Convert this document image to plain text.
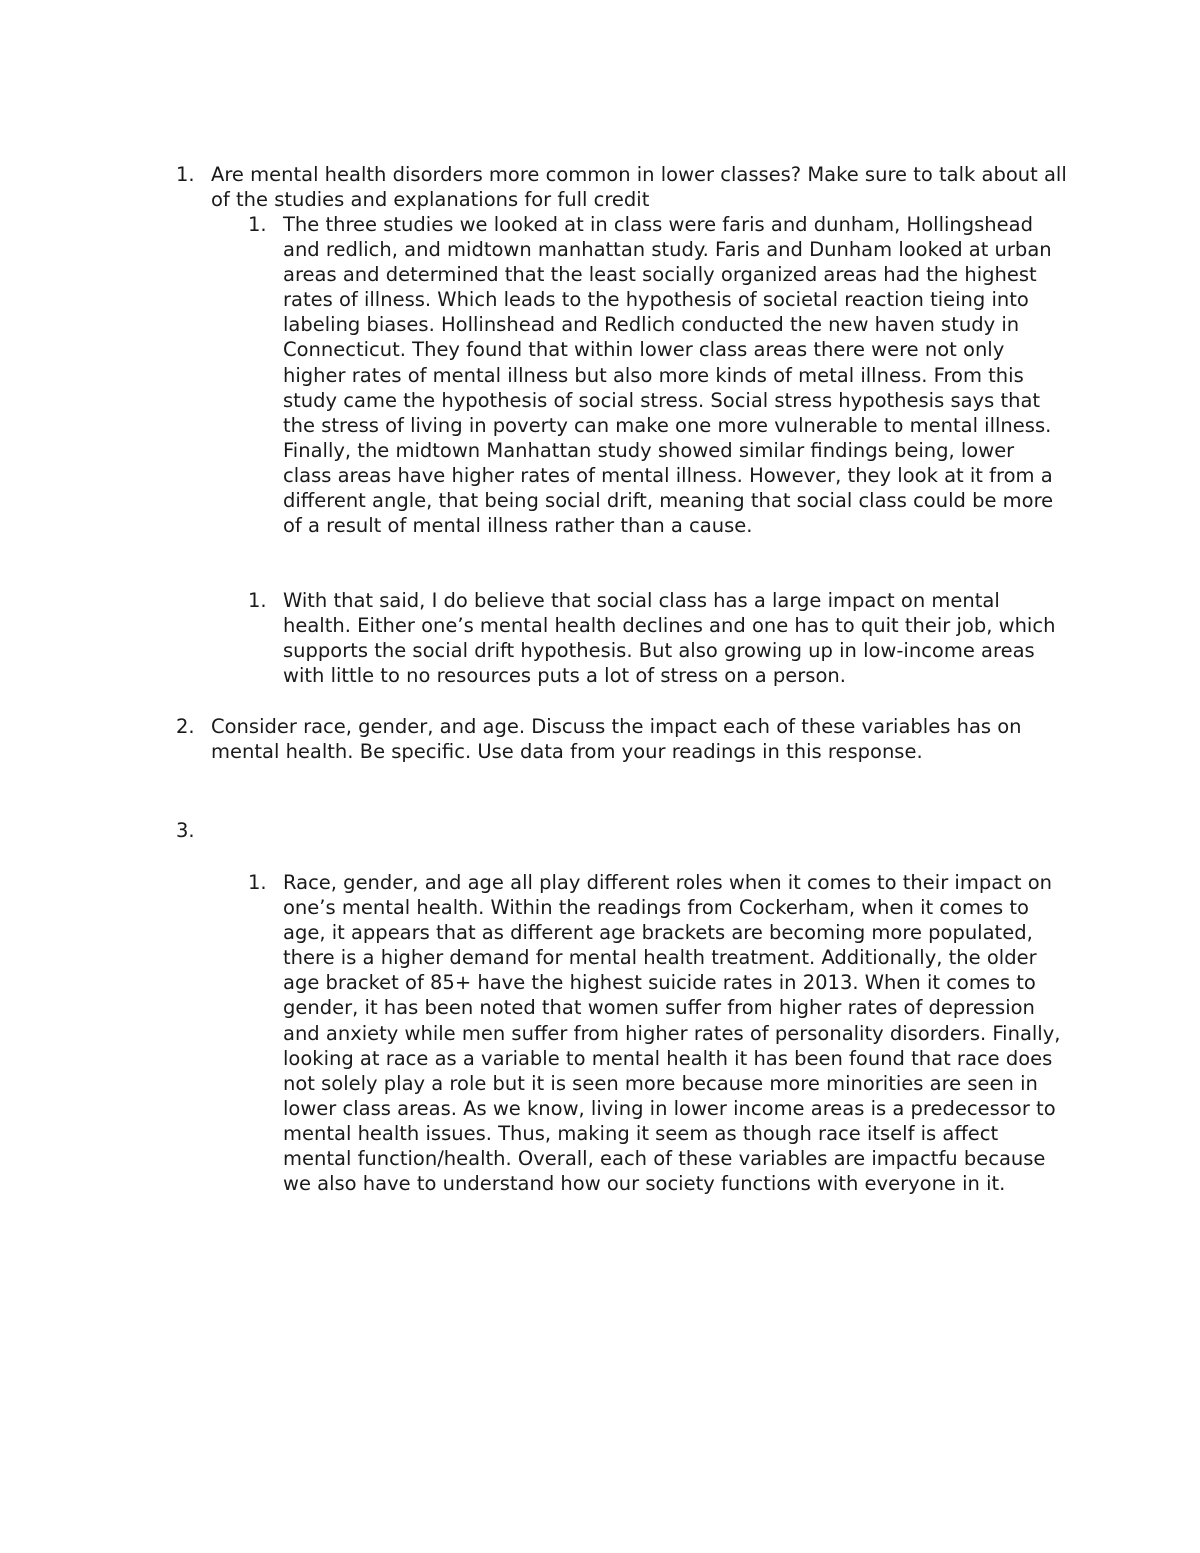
1. Are mental health disorders more common in lower classes? Make sure to talk about all of the studies and explanations for full credit
1. The three studies we looked at in class were faris and dunham, Hollingshead and redlich, and midtown manhattan study. Faris and Dunham looked at urban areas and determined that the least socially organized areas had the highest rates of illness. Which leads to the hypothesis of societal reaction tieing into labeling biases. Hollinshead and Redlich conducted the new haven study in Connecticut. They found that within lower class areas there were not only higher rates of mental illness but also more kinds of metal illness. From this study came the hypothesis of social stress. Social stress hypothesis says that the stress of living in poverty can make one more vulnerable to mental illness. Finally, the midtown Manhattan study showed similar findings being, lower class areas have higher rates of mental illness. However, they look at it from a different angle, that being social drift, meaning that social class could be more of a result of mental illness rather than a cause.
1. With that said, I do believe that social class has a large impact on mental health. Either one’s mental health declines and one has to quit their job, which supports the social drift hypothesis. But also growing up in low-income areas with little to no resources puts a lot of stress on a person.
2. Consider race, gender, and age. Discuss the impact each of these variables has on mental health. Be specific. Use data from your readings in this response.
3.
1. Race, gender, and age all play different roles when it comes to their impact on one’s mental health. Within the readings from Cockerham, when it comes to age, it appears that as different age brackets are becoming more populated, there is a higher demand for mental health treatment. Additionally, the older age bracket of 85+ have the highest suicide rates in 2013. When it comes to gender, it has been noted that women suffer from higher rates of depression and anxiety while men suffer from higher rates of personality disorders. Finally, looking at race as a variable to mental health it has been found that race does not solely play a role but it is seen more because more minorities are seen in lower class areas. As we know, living in lower income areas is a predecessor to mental health issues. Thus, making it seem as though race itself is affect mental function/health. Overall, each of these variables are impactfu because we also have to understand how our society functions with everyone in it.
